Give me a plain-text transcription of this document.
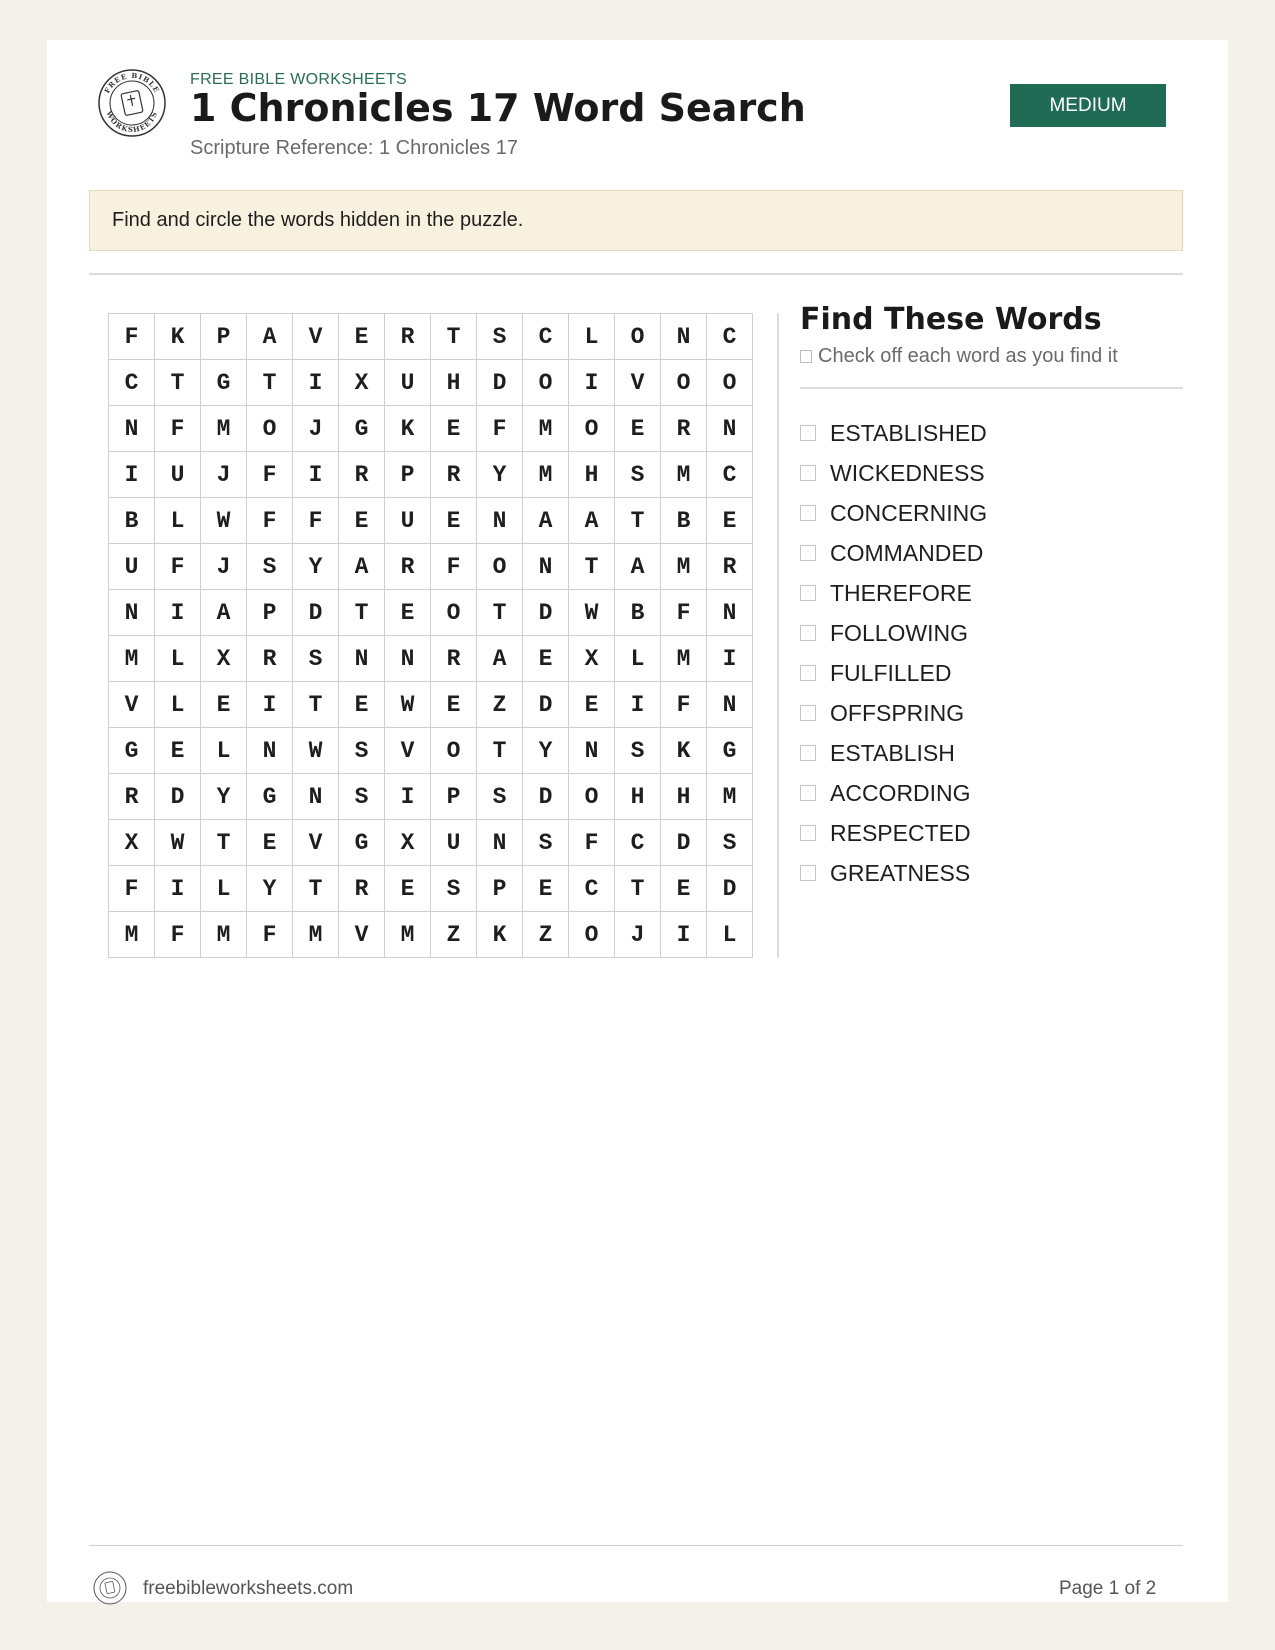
FREE BIBLE
WORKSHEETS
FREE BIBLE WORKSHEETS
1 Chronicles 17 Word Search
Scripture Reference: 1 Chronicles 17
MEDIUM
Find and circle the words hidden in the puzzle.
F	K	P	A	V	E	R	T	S	C	L	O	N	C
C	T	G	T	I	X	U	H	D	O	I	V	O	O
N	F	M	O	J	G	K	E	F	M	O	E	R	N
I	U	J	F	I	R	P	R	Y	M	H	S	M	C
B	L	W	F	F	E	U	E	N	A	A	T	B	E
U	F	J	S	Y	A	R	F	O	N	T	A	M	R
N	I	A	P	D	T	E	O	T	D	W	B	F	N
M	L	X	R	S	N	N	R	A	E	X	L	M	I
V	L	E	I	T	E	W	E	Z	D	E	I	F	N
G	E	L	N	W	S	V	O	T	Y	N	S	K	G
R	D	Y	G	N	S	I	P	S	D	O	H	H	M
X	W	T	E	V	G	X	U	N	S	F	C	D	S
F	I	L	Y	T	R	E	S	P	E	C	T	E	D
M	F	M	F	M	V	M	Z	K	Z	O	J	I	L
Find These Words
Check off each word as you find it
ESTABLISHED
WICKEDNESS
CONCERNING
COMMANDED
THEREFORE
FOLLOWING
FULFILLED
OFFSPRING
ESTABLISH
ACCORDING
RESPECTED
GREATNESS
freebibleworksheets.com	Page 1 of 2
